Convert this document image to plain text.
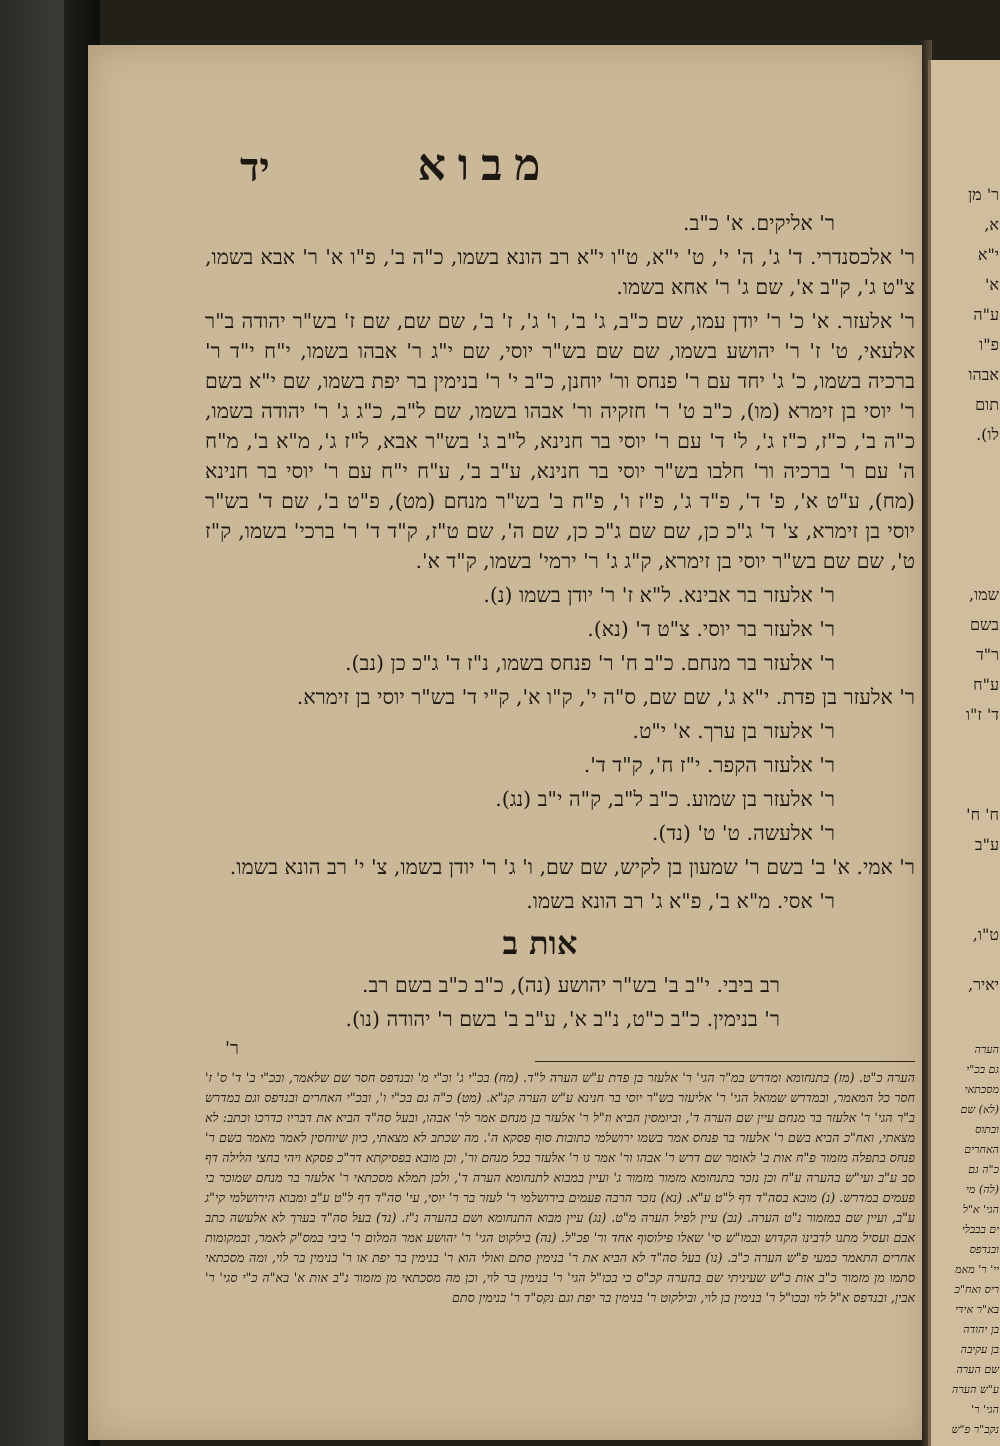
ר' מן
א,
י"א
א'
ע"ה
פ"ו
אבהו
תום
לו).
שמו,
בשם
ר"ד
ע"ח
ד' ז"ו
ח' ח'
ע"ב
ט"ו,
יאיר,
הערה
גם בכ"י
מסכתאי
(לא) שם
ובתוס
האחרים
כ"ה גם
(לה) מי
הגי' א"ל
ים בבבלי
ובנדפס
יי' ר' מאמ
ריס ואח"כ
בא"ר אידי
בן יהודה
בן עקיבה
שם הערה
ע"ש הערה
הגי' ר'
נקב"ר פ"ש
מבוא
יד

ר' אליקים. א' כ"ב.

ר' אלכסנדרי. ד' ג', ה' י', ט' י"א, ט"ו י"א רב הונא בשמו, כ"ה ב', פ"ו א' ר' אבא בשמו, צ"ט ג', ק"ב א', שם ג' ר' אחא בשמו.

ר' אלעזר. א' כ' ר' יודן עמו, שם כ"ב, ג' ב', ו' ג', ז' ב', שם שם, שם ז' בש"ר יהודה ב"ר אלעאי, ט' ז' ר' יהושע בשמו, שם שם בש"ר יוסי, שם י"ג ר' אבהו בשמו, י"ח י"ד ר' ברכיה בשמו, כ' ג' יחד עם ר' פנחס ור' יוחנן, כ"ב י' ר' בנימין בר יפת בשמו, שם י"א בשם ר' יוסי בן זימרא (מו), כ"ב ט' ר' חזקיה ור' אבהו בשמו, שם ל"ב, כ"ג ג' ר' יהודה בשמו, כ"ה ב', כ"ז, כ"ז ג', ל' ד' עם ר' יוסי בר חנינא, ל"ב ג' בש"ר אבא, ל"ז ג', מ"א ב', מ"ח ה' עם ר' ברכיה ור' חלבו בש"ר יוסי בר חנינא, ע"ב ב', ע"ח י"ח עם ר' יוסי בר חנינא (מח), ע"ט א', פ' ד', פ"ד ג', פ"ז ו', פ"ח ב' בש"ר מנחם (מט), פ"ט ב', שם ד' בש"ר יוסי בן זימרא, צ' ד' ג"כ כן, שם שם ג"כ כן, שם ה', שם ט"ז, ק"ד ד' ר' ברכי' בשמו, ק"ז ט', שם שם בש"ר יוסי בן זימרא, ק"ג ג' ר' ירמי' בשמו, ק"ד א'.

ר' אלעזר בר אבינא. ל"א ז' ר' יודן בשמו (נ).

ר' אלעזר בר יוסי. צ"ט ד' (נא).

ר' אלעזר בר מנחם. כ"ב ח' ר' פנחס בשמו, נ"ז ד' ג"כ כן (נב).

ר' אלעזר בן פדת. י"א ג', שם שם, ס"ה י', ק"ו א', ק"י ד' בש"ר יוסי בן זימרא.

ר' אלעזר בן ערך. א' י"ט.

ר' אלעזר הקפר. י"ז ח', ק"ד ד'.

ר' אלעזר בן שמוע. כ"ב ל"ב, ק"ה י"ב (נג).

ר' אלעשה. ט' ט' (נד).

ר' אמי. א' ב' בשם ר' שמעון בן לקיש, שם שם, ו' ג' ר' יודן בשמו, צ' י' רב הונא בשמו.

ר' אסי. מ"א ב', פ"א ג' רב הונא בשמו.

אות ב

רב ביבי. י"ב ב' בש"ר יהושע (נה), כ"ב כ"ב בשם רב.

ר' בנימין. כ"ב כ"ט, נ"ב א', ע"ב ב' בשם ר' יהודה (נו).

ר'

הערה כ"ט. (מז) בתנחומא ומדרש במ"ר הגי' ר' אלעזר בן פדת ע"ש הערה ל"ד. (מח) בכ"י ג' וכ"י מ' ובנדפס חסר שם שלאמר, ובכ"י ב' ד' ס' ז' חסר כל המאמר, ובמדרש שמואל הגי' ר' אליעזר בש"ר יוסי בר חנינא ע"ש הערה קנ"א. (מט) כ"ה גם בכ"י ו', ובכ"י האחרים ובנדפס וגם במדרש ב"ר הגי' ר' אלעזר בר מנחם עיין שם הערה ד', וביומסין הביא וז"ל ר' אלעזר בן מנחם אמר לר' אבהו, ובעל סה"ד הביא את דבריו כדרכו וכתב: לא מצאתי, ואח"כ הביא בשם ר' אלעזר בר פנחס אמר בשמו ירושלמי כתובות סוף פסקא ה'. מה שכתב לא מצאתי, כיון שיוחסין לאמר מאמר בשם ר' פנחס בתפלה מזמור פ"ח אות ב' לאומר שם דרש ר' אבהו ור' אמר גו ר' אלעזר בכל מנחם ור', וכן מובא בפסיקתא דר"כ פסקא ויהי בחצי הלילה דף סב ע"ב ועי"ש בהערה ע"ח וכן נזכר בתנחומא מזמור מזמור ג' ועיין במבוא לתנחומא הערה ד', ולכן תמלא מסכתאי ר' אלעזר בר מנחם שמוכר בי פעמים במדרש. (נ) מובא בסה"ד דף ל"ט ע"א. (נא) נזכר הרבה פעמים בירושלמי ר' לעזר בר ר' יוסי, עי' סה"ד דף ל"ט ע"ב ומבוא הירושלמי קי"ג ע"ב, ועיין שם במזמור נ"ט הערה. (נב) עיין לפיל הערה מ"ט. (נג) עיין מבוא התנחומא ושם בהערה נ"ז. (נד) בעל סה"ד בערך לא אלעשה כתב אבם ועסיל מתנו לדבינו הקדוש ובמו"ש סי' שאלו פילוסוף אחד ור' פכ"ל. (נה) בילקוט הגי' ר' יהושע אמר המלום ר' ביבי במס"ק לאמר, ובמקומות אחרים התאמר כמעי פ"ש הערה כ"ב. (נו) בעל סה"ד לא הביא את ר' בנימין סתם ואולי הוא ר' בנימין בר יפת או ר' בנימין בר לוי, ומה מסכתאי סתמו מן מזמור כ"ב אות כ"ש שעיניתי שם בהערה קכ"ס כי בכו"ל הגי' ר' בנימין בר לוי, וכן מה מסכתאי מן מזמור נ"ב אות א' בא"ה כ"י סגי' ר' אבין, ובנדפס א"ל לוי ובכו"ל ר' בנימין בן לוי, ובילקוט ר' בנימין בר יפת וגם נקס"ד ר' בנימין סתם
